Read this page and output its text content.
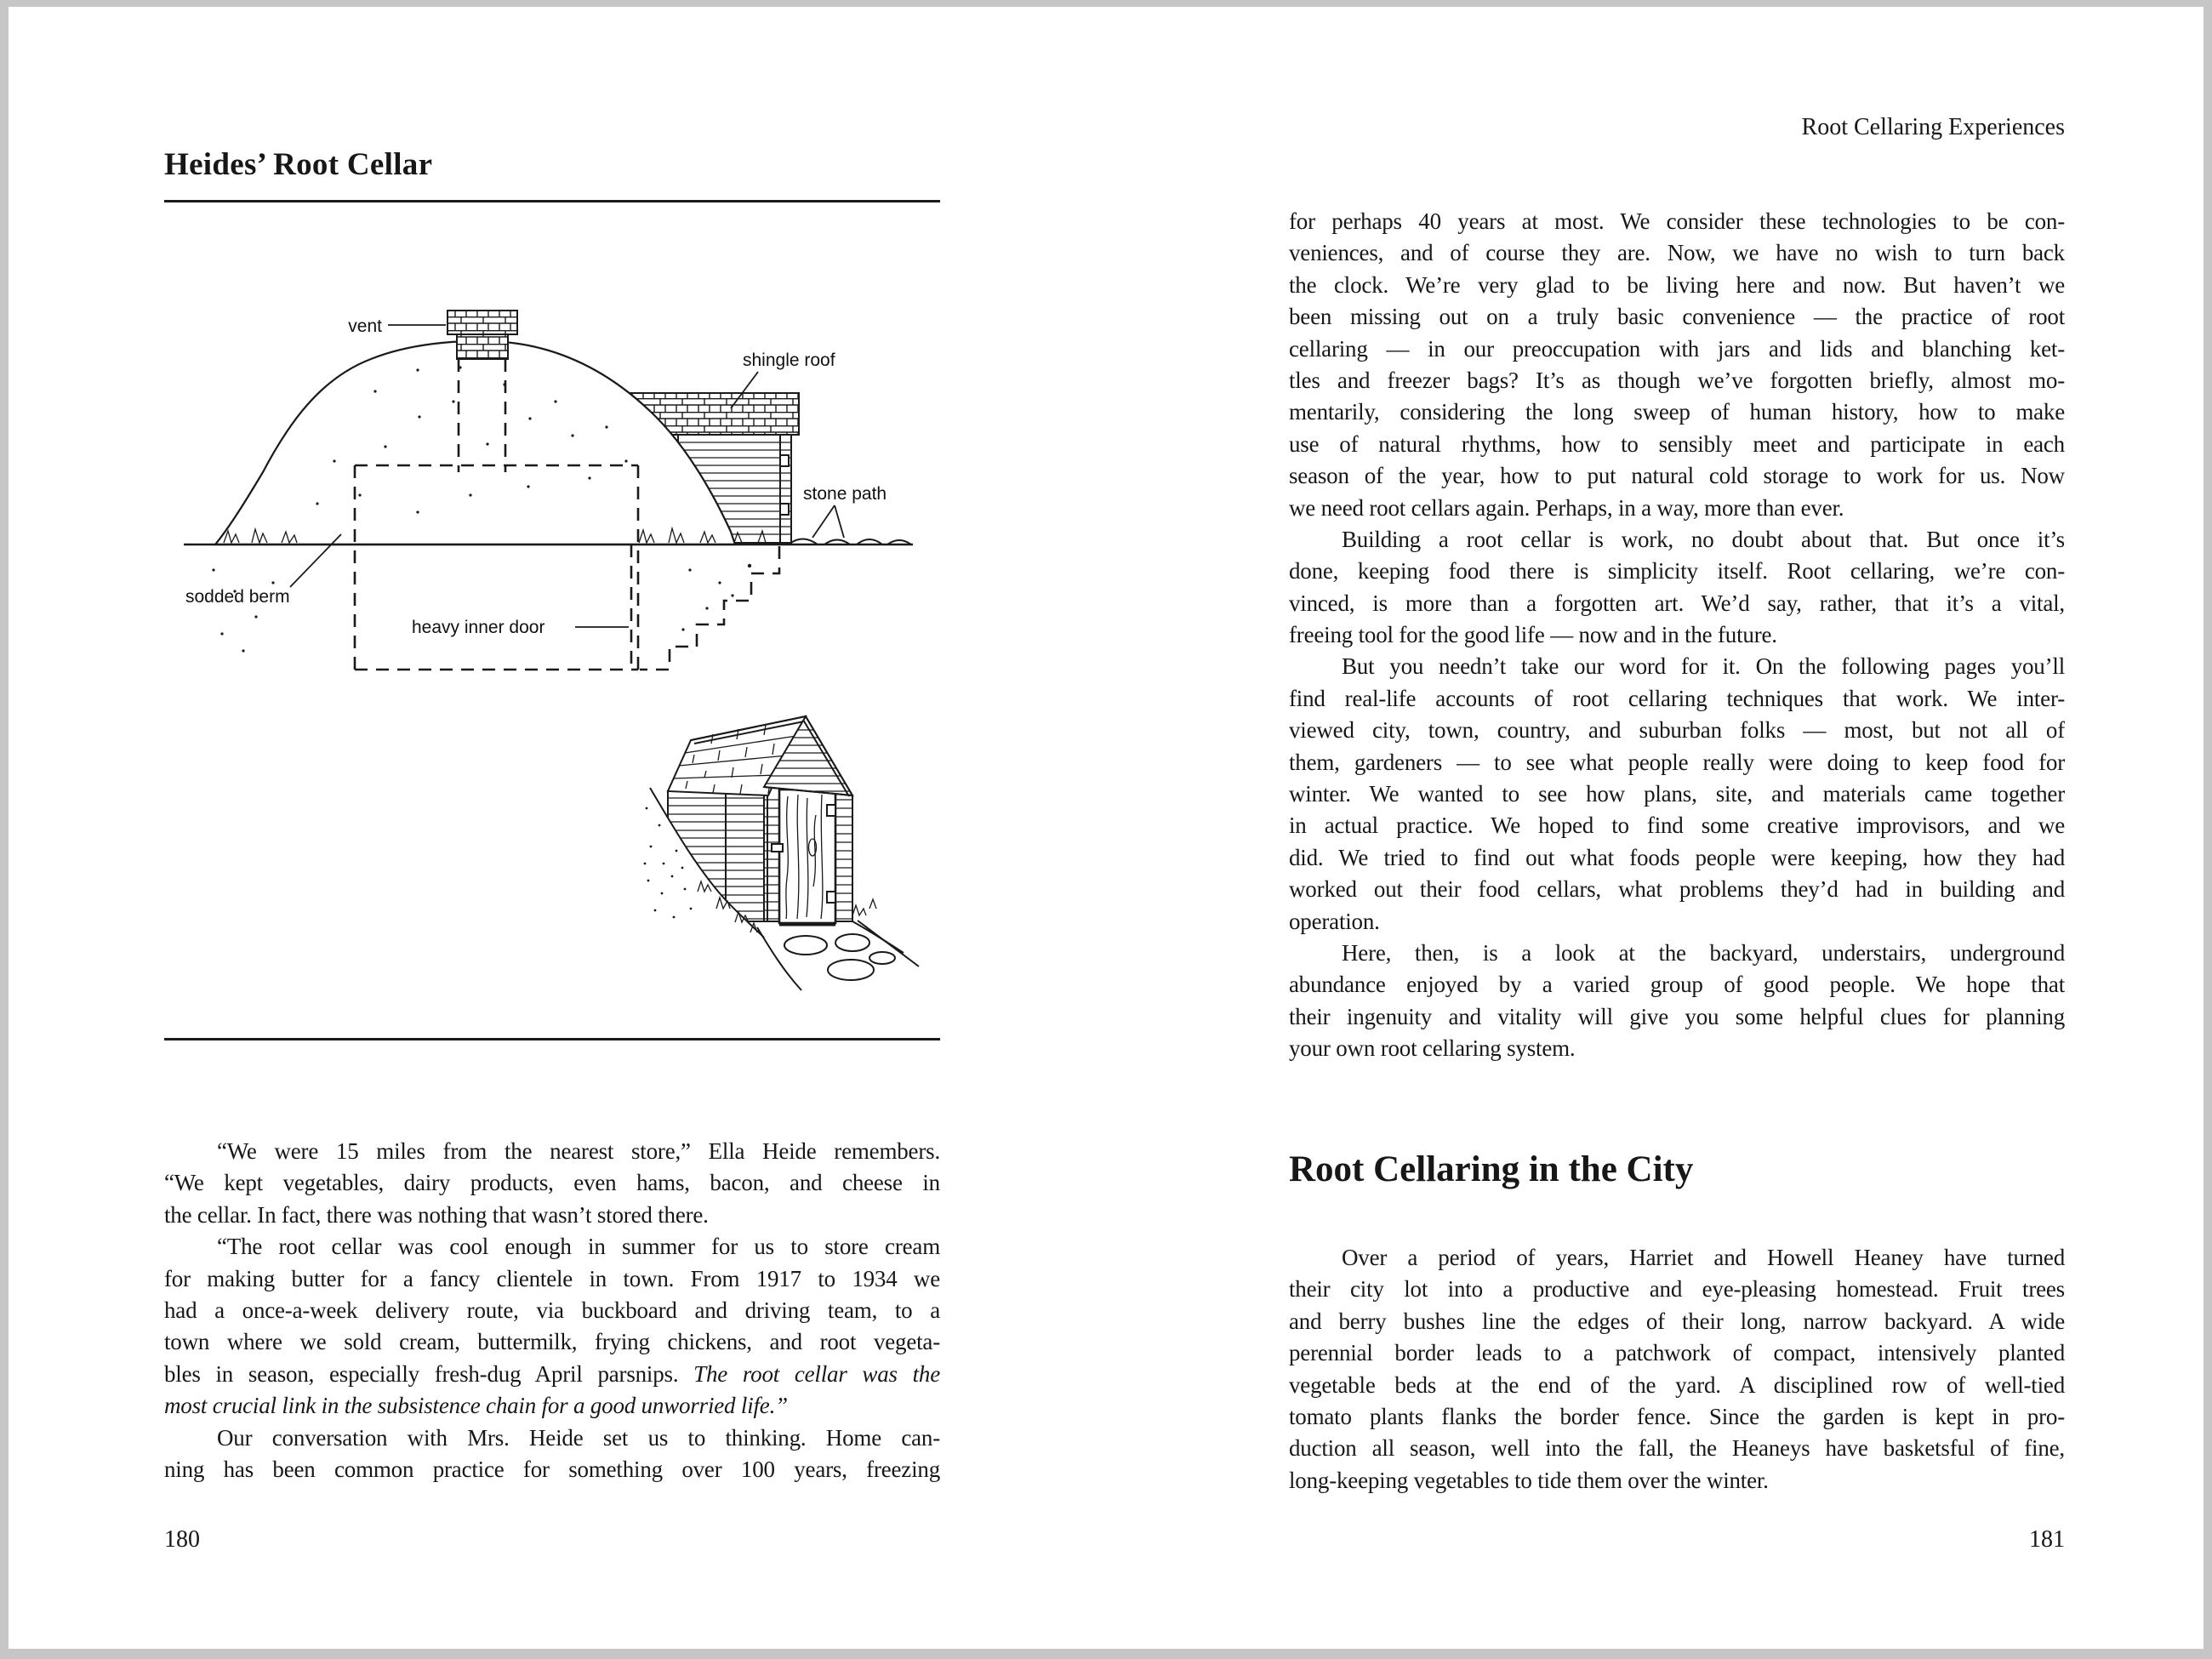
Heides’ Root Cellar
vent
shingle roof
stone path
sodded berm
heavy inner door
“We were 15 miles from the nearest store,” Ella Heide remembers.
“We kept vegetables, dairy products, even hams, bacon, and cheese in
the cellar. In fact, there was nothing that wasn’t stored there.
“The root cellar was cool enough in summer for us to store cream
for making butter for a fancy clientele in town. From 1917 to 1934 we
had a once-a-week delivery route, via buckboard and driving team, to a
town where we sold cream, buttermilk, frying chickens, and root vegeta-
bles in season, especially fresh-dug April parsnips. The root cellar was the
most crucial link in the subsistence chain for a good unworried life.”
Our conversation with Mrs. Heide set us to thinking. Home can-
ning has been common practice for something over 100 years, freezing
180
Root Cellaring Experiences
for perhaps 40 years at most. We consider these technologies to be con-
veniences, and of course they are. Now, we have no wish to turn back
the clock. We’re very glad to be living here and now. But haven’t we
been missing out on a truly basic convenience — the practice of root
cellaring — in our preoccupation with jars and lids and blanching ket-
tles and freezer bags? It’s as though we’ve forgotten briefly, almost mo-
mentarily, considering the long sweep of human history, how to make
use of natural rhythms, how to sensibly meet and participate in each
season of the year, how to put natural cold storage to work for us. Now
we need root cellars again. Perhaps, in a way, more than ever.
Building a root cellar is work, no doubt about that. But once it’s
done, keeping food there is simplicity itself. Root cellaring, we’re con-
vinced, is more than a forgotten art. We’d say, rather, that it’s a vital,
freeing tool for the good life — now and in the future.
But you needn’t take our word for it. On the following pages you’ll
find real-life accounts of root cellaring techniques that work. We inter-
viewed city, town, country, and suburban folks — most, but not all of
them, gardeners — to see what people really were doing to keep food for
winter. We wanted to see how plans, site, and materials came together
in actual practice. We hoped to find some creative improvisors, and we
did. We tried to find out what foods people were keeping, how they had
worked out their food cellars, what problems they’d had in building and
operation.
Here, then, is a look at the backyard, understairs, underground
abundance enjoyed by a varied group of good people. We hope that
their ingenuity and vitality will give you some helpful clues for planning
your own root cellaring system.
Root Cellaring in the City
Over a period of years, Harriet and Howell Heaney have turned
their city lot into a productive and eye-pleasing homestead. Fruit trees
and berry bushes line the edges of their long, narrow backyard. A wide
perennial border leads to a patchwork of compact, intensively planted
vegetable beds at the end of the yard. A disciplined row of well-tied
tomato plants flanks the border fence. Since the garden is kept in pro-
duction all season, well into the fall, the Heaneys have basketsful of fine,
long-keeping vegetables to tide them over the winter.
181
